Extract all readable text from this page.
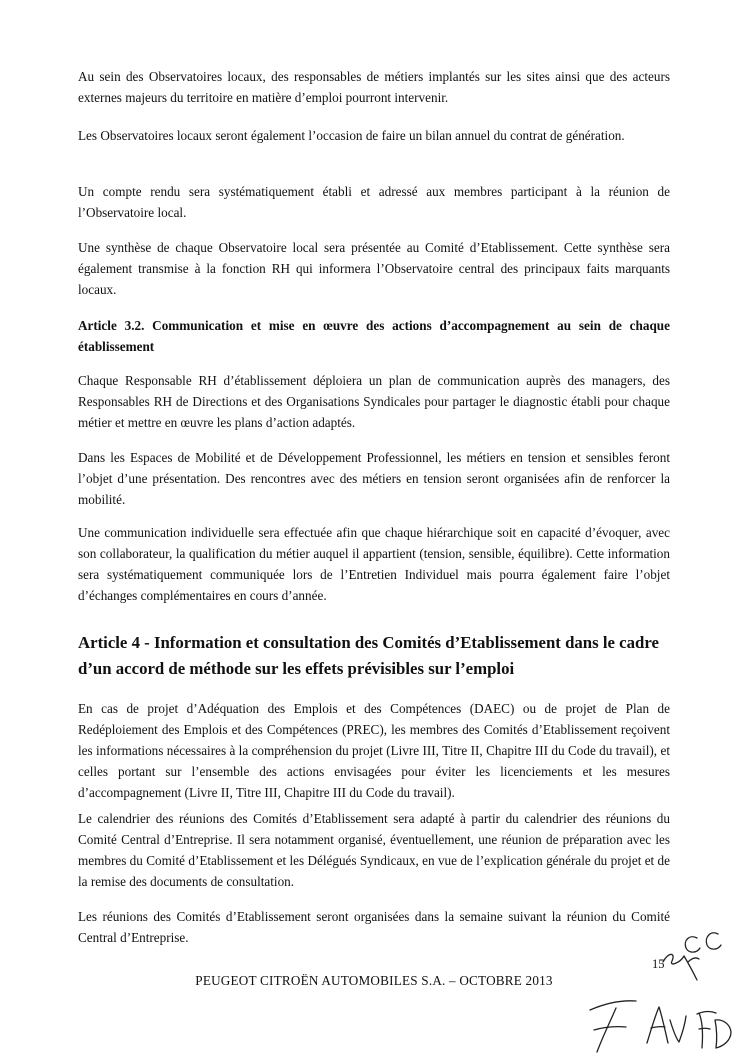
Au sein des Observatoires locaux, des responsables de métiers implantés sur les sites ainsi que des acteurs externes majeurs du territoire en matière d’emploi pourront intervenir.

Les Observatoires locaux seront également l’occasion de faire un bilan annuel du contrat de génération.

Un compte rendu sera systématiquement établi et adressé aux membres participant à la réunion de l’Observatoire local.

Une synthèse de chaque Observatoire local sera présentée au Comité d’Etablissement. Cette synthèse sera également transmise à la fonction RH qui informera l’Observatoire central des principaux faits marquants locaux.

Article 3.2. Communication et mise en œuvre des actions d’accompagnement au sein de chaque établissement

Chaque Responsable RH d’établissement déploiera un plan de communication auprès des managers, des Responsables RH de Directions et des Organisations Syndicales pour partager le diagnostic établi pour chaque métier et mettre en œuvre les plans d’action adaptés.

Dans les Espaces de Mobilité et de Développement Professionnel, les métiers en tension et sensibles feront l’objet d’une présentation. Des rencontres avec des métiers en tension seront organisées afin de renforcer la mobilité.

Une communication individuelle sera effectuée afin que chaque hiérarchique soit en capacité d’évoquer, avec son collaborateur, la qualification du métier auquel il appartient (tension, sensible, équilibre). Cette information sera systématiquement communiquée lors de l’Entretien Individuel mais pourra également faire l’objet d’échanges complémentaires en cours d’année.

Article 4 - Information et consultation des Comités d’Etablissement dans le cadre d’un accord de méthode sur les effets prévisibles sur l’emploi

En cas de projet d’Adéquation des Emplois et des Compétences (DAEC) ou de projet de Plan de Redéploiement des Emplois et des Compétences (PREC), les membres des Comités d’Etablissement reçoivent les informations nécessaires à la compréhension du projet (Livre III, Titre II, Chapitre III du Code du travail), et celles portant sur l’ensemble des actions envisagées pour éviter les licenciements et les mesures d’accompagnement (Livre II, Titre III, Chapitre III du Code du travail).

Le calendrier des réunions des Comités d’Etablissement sera adapté à partir du calendrier des réunions du Comité Central d’Entreprise. Il sera notamment organisé, éventuellement, une réunion de préparation avec les membres du Comité d’Etablissement et les Délégués Syndicaux, en vue de l’explication générale du projet et de la remise des documents de consultation.

Les réunions des Comités d’Etablissement seront organisées dans la semaine suivant la réunion du Comité Central d’Entreprise.

15
PEUGEOT CITROËN AUTOMOBILES S.A. – OCTOBRE 2013
